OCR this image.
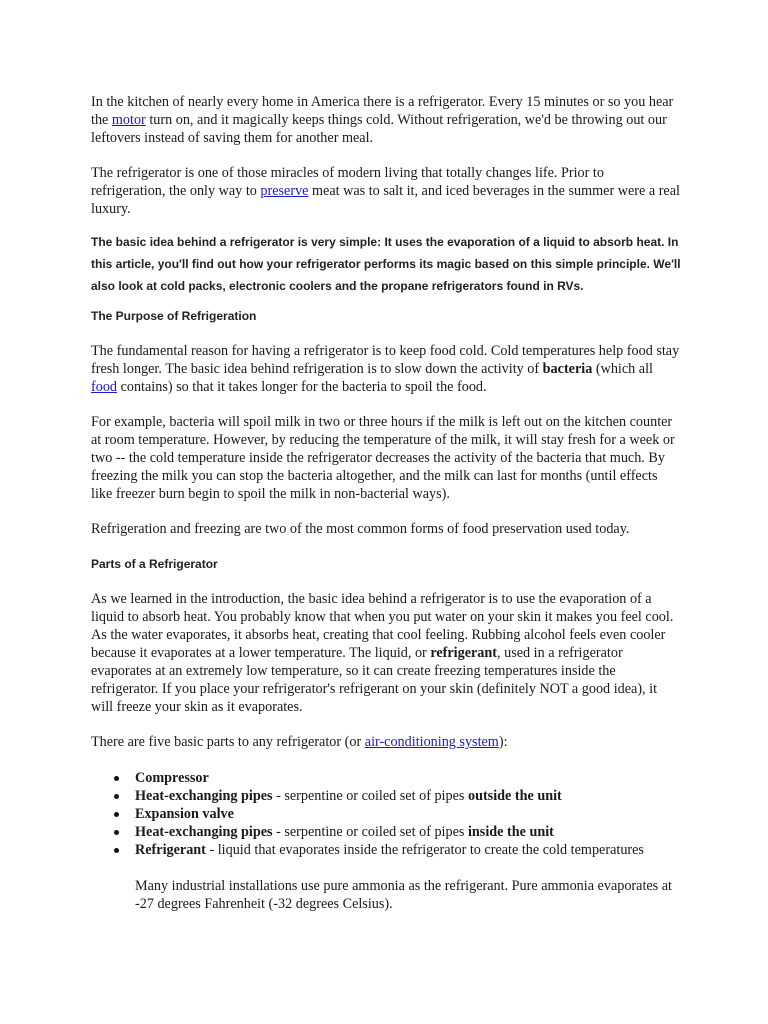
In the kitchen of nearly every home in America there is a refrigerator. Every 15 minutes or so you hear the motor turn on, and it magically keeps things cold. Without refrigeration, we'd be throwing out our leftovers instead of saving them for another meal.

The refrigerator is one of those miracles of modern living that totally changes life. Prior to refrigeration, the only way to preserve meat was to salt it, and iced beverages in the summer were a real luxury.

The basic idea behind a refrigerator is very simple: It uses the evaporation of a liquid to absorb heat. In this article, you'll find out how your refrigerator performs its magic based on this simple principle. We'll also look at cold packs, electronic coolers and the propane refrigerators found in RVs.

The Purpose of Refrigeration

The fundamental reason for having a refrigerator is to keep food cold. Cold temperatures help food stay fresh longer. The basic idea behind refrigeration is to slow down the activity of bacteria (which all food contains) so that it takes longer for the bacteria to spoil the food.

For example, bacteria will spoil milk in two or three hours if the milk is left out on the kitchen counter at room temperature. However, by reducing the temperature of the milk, it will stay fresh for a week or two -- the cold temperature inside the refrigerator decreases the activity of the bacteria that much. By freezing the milk you can stop the bacteria altogether, and the milk can last for months (until effects like freezer burn begin to spoil the milk in non-bacterial ways).

Refrigeration and freezing are two of the most common forms of food preservation used today.

Parts of a Refrigerator

As we learned in the introduction, the basic idea behind a refrigerator is to use the evaporation of a liquid to absorb heat. You probably know that when you put water on your skin it makes you feel cool. As the water evaporates, it absorbs heat, creating that cool feeling. Rubbing alcohol feels even cooler because it evaporates at a lower temperature. The liquid, or refrigerant, used in a refrigerator evaporates at an extremely low temperature, so it can create freezing temperatures inside the refrigerator. If you place your refrigerator's refrigerant on your skin (definitely NOT a good idea), it will freeze your skin as it evaporates.

There are five basic parts to any refrigerator (or air-conditioning system):

Compressor
Heat-exchanging pipes - serpentine or coiled set of pipes outside the unit
Expansion valve
Heat-exchanging pipes - serpentine or coiled set of pipes inside the unit
Refrigerant - liquid that evaporates inside the refrigerator to create the cold temperatures

Many industrial installations use pure ammonia as the refrigerant. Pure ammonia evaporates at -27 degrees Fahrenheit (-32 degrees Celsius).
